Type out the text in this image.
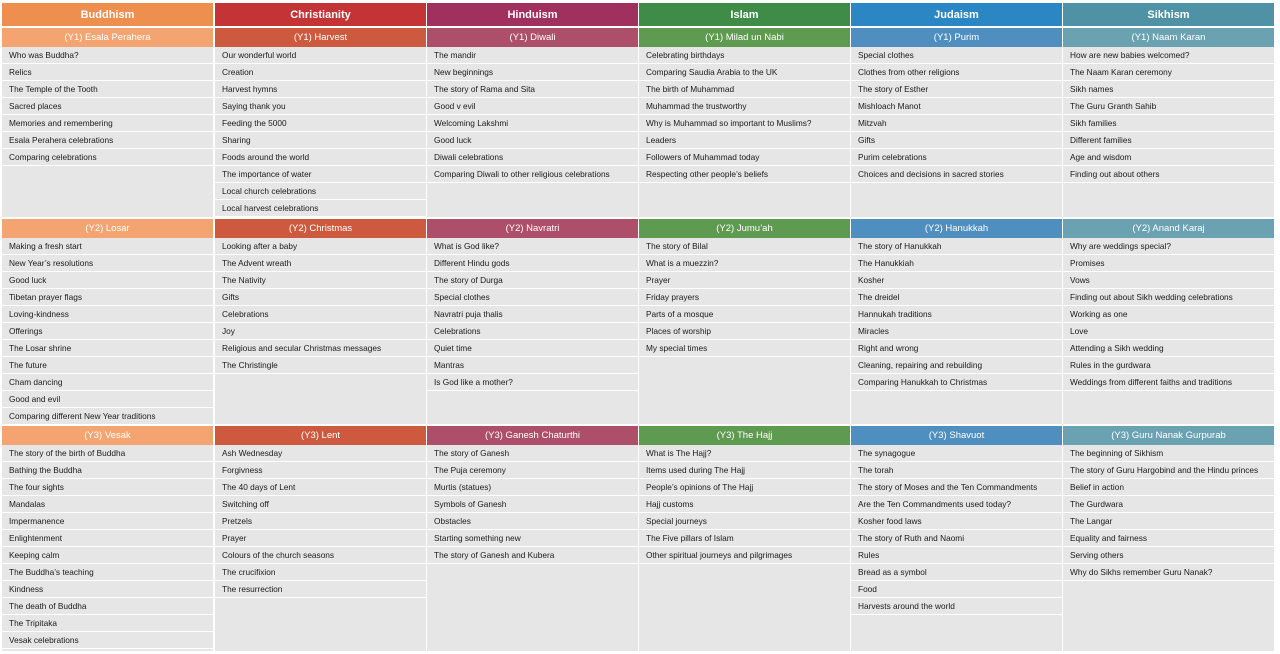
Buddhism
(Y1) Esala Perahera
Who was Buddha?
Relics
The Temple of the Tooth
Sacred places
Memories and remembering
Esala Perahera celebrations
Comparing celebrations
(Y2) Losar
Making a fresh start
New Year’s resolutions
Good luck
Tibetan prayer flags
Loving-kindness
Offerings
The Losar shrine
The future
Cham dancing
Good and evil
Comparing different New Year traditions
(Y3) Vesak
The story of the birth of Buddha
Bathing the Buddha
The four sights
Mandalas
Impermanence
Enlightenment
Keeping calm
The Buddha’s teaching
Kindness
The death of Buddha
The Tripitaka
Vesak celebrations
Christianity
(Y1) Harvest
Our wonderful world
Creation
Harvest hymns
Saying thank you
Feeding the 5000
Sharing
Foods around the world
The importance of water
Local church celebrations
Local harvest celebrations
(Y2) Christmas
Looking after a baby
The Advent wreath
The Nativity
Gifts
Celebrations
Joy
Religious and secular Christmas messages
The Christingle
(Y3) Lent
Ash Wednesday
Forgivness
The 40 days of Lent
Switching off
Pretzels
Prayer
Colours of the church seasons
The crucifixion
The resurrection
Hinduism
(Y1) Diwali
The mandir
New beginnings
The story of Rama and Sita
Good v evil
Welcoming Lakshmi
Good luck
Diwali celebrations
Comparing Diwali to other religious celebrations
(Y2) Navratri
What is God like?
Different Hindu gods
The story of Durga
Special clothes
Navratri puja thalis
Celebrations
Quiet time
Mantras
Is God like a mother?
(Y3) Ganesh Chaturthi
The story of Ganesh
The Puja ceremony
Murtis (statues)
Symbols of Ganesh
Obstacles
Starting something new
The story of Ganesh and Kubera
Islam
(Y1) Milad un Nabi
Celebrating birthdays
Comparing Saudia Arabia to the UK
The birth of Muhammad
Muhammad the trustworthy
Why is Muhammad so important to Muslims?
Leaders
Followers of Muhammad today
Respecting other people’s beliefs
(Y2) Jumu’ah
The story of Bilal
What is a muezzin?
Prayer
Friday prayers
Parts of a mosque
Places of worship
My special times
(Y3) The Hajj
What is The Hajj?
Items used during The Hajj
People’s opinions of The Hajj
Hajj customs
Special journeys
The Five pillars of Islam
Other spiritual journeys and pilgrimages
Judaism
(Y1) Purim
Special clothes
Clothes from other religions
The story of Esther
Mishloach Manot
Mitzvah
Gifts
Purim celebrations
Choices and decisions in sacred stories
(Y2) Hanukkah
The story of Hanukkah
The Hanukkiah
Kosher
The dreidel
Hannukah traditions
Miracles
Right and wrong
Cleaning, repairing and rebuilding
Comparing Hanukkah to Christmas
(Y3) Shavuot
The synagogue
The torah
The story of Moses and the Ten Commandments
Are the Ten Commandments used today?
Kosher food laws
The story of Ruth and Naomi
Rules
Bread as a symbol
Food
Harvests around the world
Sikhism
(Y1) Naam Karan
How are new babies welcomed?
The Naam Karan ceremony
Sikh names
The Guru Granth Sahib
Sikh families
Different families
Age and wisdom
Finding out about others
(Y2) Anand Karaj
Why are weddings special?
Promises
Vows
Finding out about Sikh wedding celebrations
Working as one
Love
Attending a Sikh wedding
Rules in the gurdwara
Weddings from different faiths and traditions
(Y3) Guru Nanak Gurpurab
The beginning of Sikhism
The story of Guru Hargobind and the Hindu princes
Belief in action
The Gurdwara
The Langar
Equality and fairness
Serving others
Why do Sikhs remember Guru Nanak?
